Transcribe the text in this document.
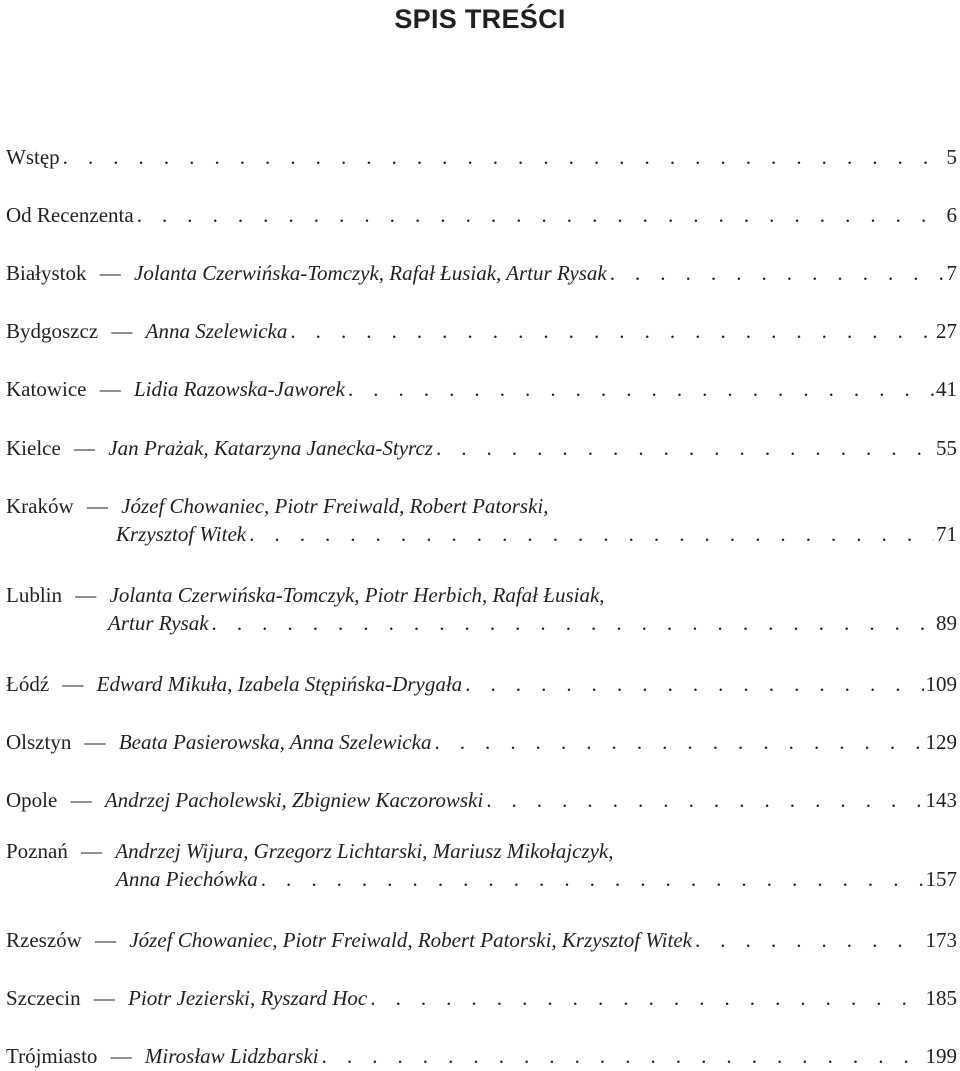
SPIS TREŚCI
Wstęp . . .	5
Od Recenzenta . . .	6
Białystok — Jolanta Czerwińska-Tomczyk, Rafał Łusiak, Artur Rysak . . .	7
Bydgoszcz — Anna Szelewicka . . .	27
Katowice — Lidia Razowska-Jaworek . . .	41
Kielce — Jan Prażak, Katarzyna Janecka-Styrcz . . .	55
Kraków — Józef Chowaniec, Piotr Freiwald, Robert Patorski,
Krzysztof Witek . . .	71
Lublin — Jolanta Czerwińska-Tomczyk, Piotr Herbich, Rafał Łusiak,
Artur Rysak . . .	89
Łódź — Edward Mikuła, Izabela Stępińska-Drygała . . .	109
Olsztyn — Beata Pasierowska, Anna Szelewicka . . .	129
Opole — Andrzej Pacholewski, Zbigniew Kaczorowski . . .	143
Poznań — Andrzej Wijura, Grzegorz Lichtarski, Mariusz Mikołajczyk,
Anna Piechówka . . .	157
Rzeszów — Józef Chowaniec, Piotr Freiwald, Robert Patorski, Krzysztof Witek . . .	173
Szczecin — Piotr Jezierski, Ryszard Hoc . . .	185
Trójmiasto — Mirosław Lidzbarski . . .	199
